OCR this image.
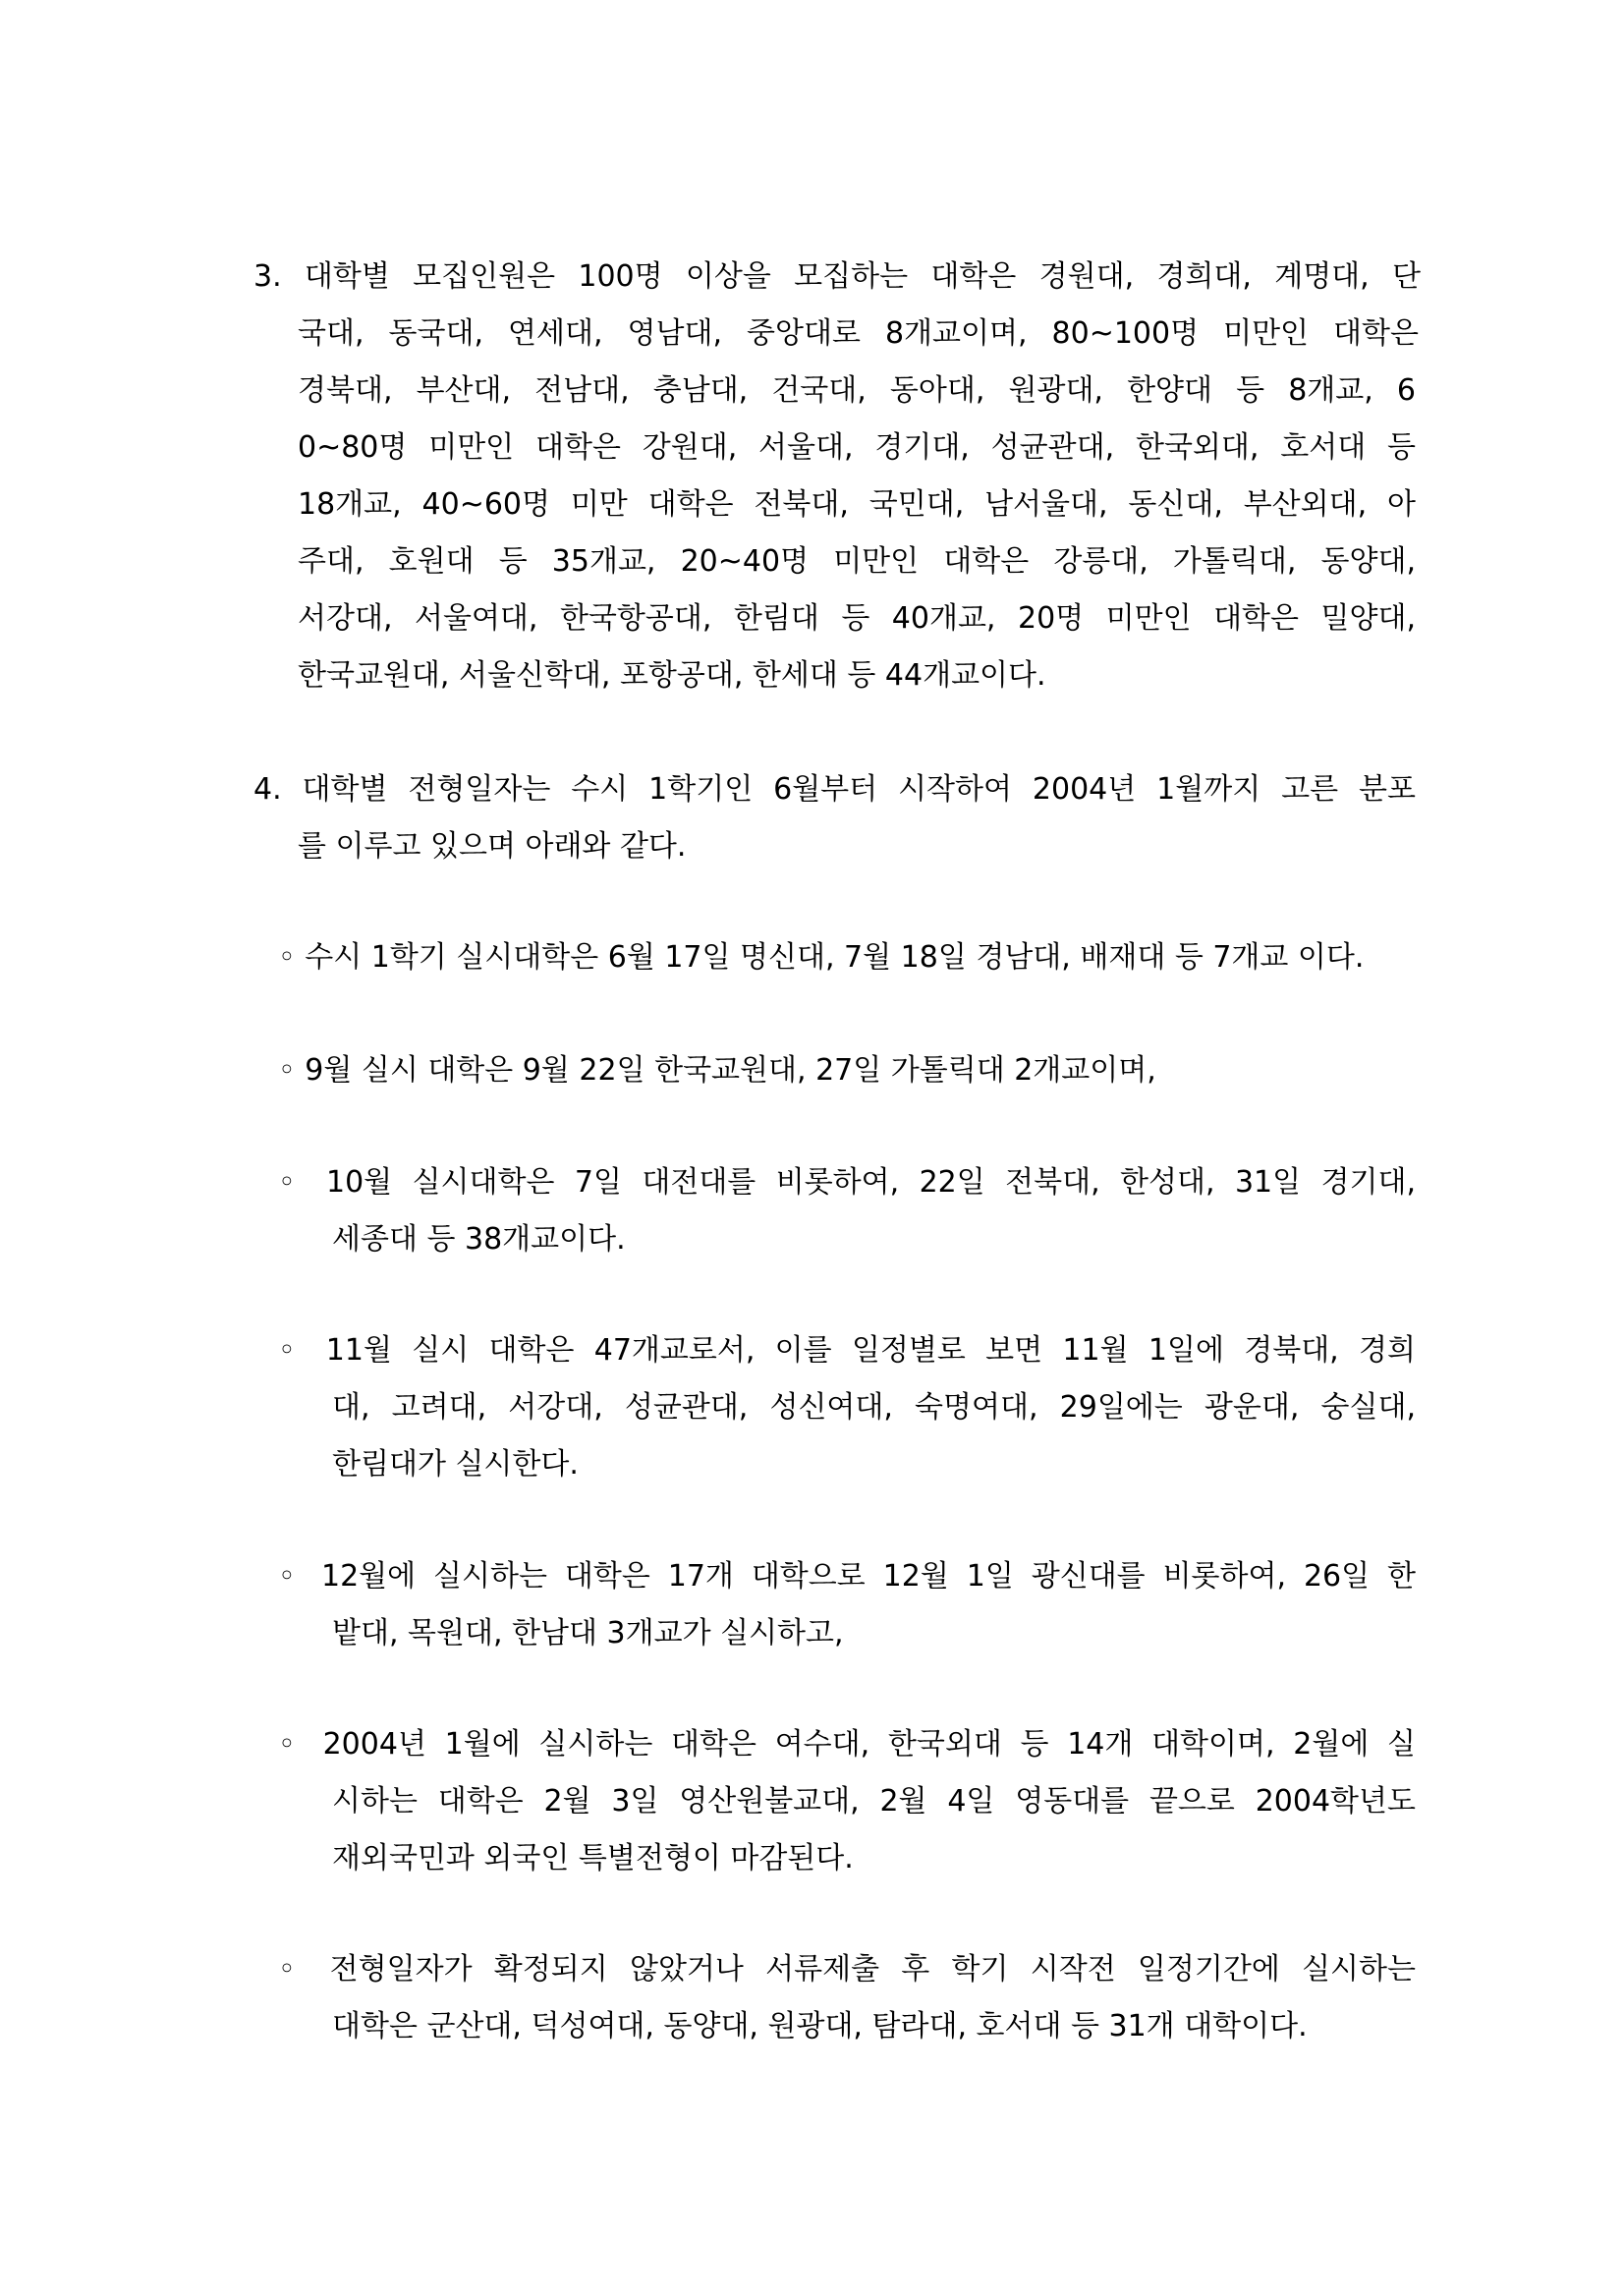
3. 대학별 모집인원은 100명 이상을 모집하는 대학은 경원대, 경희대, 계명대, 단

국대, 동국대, 연세대, 영남대, 중앙대로 8개교이며, 80~100명 미만인 대학은

경북대, 부산대, 전남대, 충남대, 건국대, 동아대, 원광대, 한양대 등 8개교, 6

0~80명 미만인 대학은 강원대, 서울대, 경기대, 성균관대, 한국외대, 호서대 등

18개교, 40~60명 미만 대학은 전북대, 국민대, 남서울대, 동신대, 부산외대, 아

주대, 호원대 등 35개교, 20~40명 미만인 대학은 강릉대, 가톨릭대, 동양대,

서강대, 서울여대, 한국항공대, 한림대 등 40개교, 20명 미만인 대학은 밀양대,

한국교원대, 서울신학대, 포항공대, 한세대 등 44개교이다.

4. 대학별 전형일자는 수시 1학기인 6월부터 시작하여 2004년 1월까지 고른 분포

를 이루고 있으며 아래와 같다.

◦ 수시 1학기 실시대학은 6월 17일 명신대, 7월 18일 경남대, 배재대 등 7개교 이다.

◦ 9월 실시 대학은 9월 22일 한국교원대, 27일 가톨릭대 2개교이며,

◦ 10월 실시대학은 7일 대전대를 비롯하여, 22일 전북대, 한성대, 31일 경기대,

세종대 등 38개교이다.

◦ 11월 실시 대학은 47개교로서, 이를 일정별로 보면 11월 1일에 경북대, 경희

대, 고려대, 서강대, 성균관대, 성신여대, 숙명여대, 29일에는 광운대, 숭실대,

한림대가 실시한다.

◦ 12월에 실시하는 대학은 17개 대학으로 12월 1일 광신대를 비롯하여, 26일 한

밭대, 목원대, 한남대 3개교가 실시하고,

◦ 2004년 1월에 실시하는 대학은 여수대, 한국외대 등 14개 대학이며, 2월에 실

시하는 대학은 2월 3일 영산원불교대, 2월 4일 영동대를 끝으로 2004학년도

재외국민과 외국인 특별전형이 마감된다.

◦ 전형일자가 확정되지 않았거나 서류제출 후 학기 시작전 일정기간에 실시하는

대학은 군산대, 덕성여대, 동양대, 원광대, 탐라대, 호서대 등 31개 대학이다.
